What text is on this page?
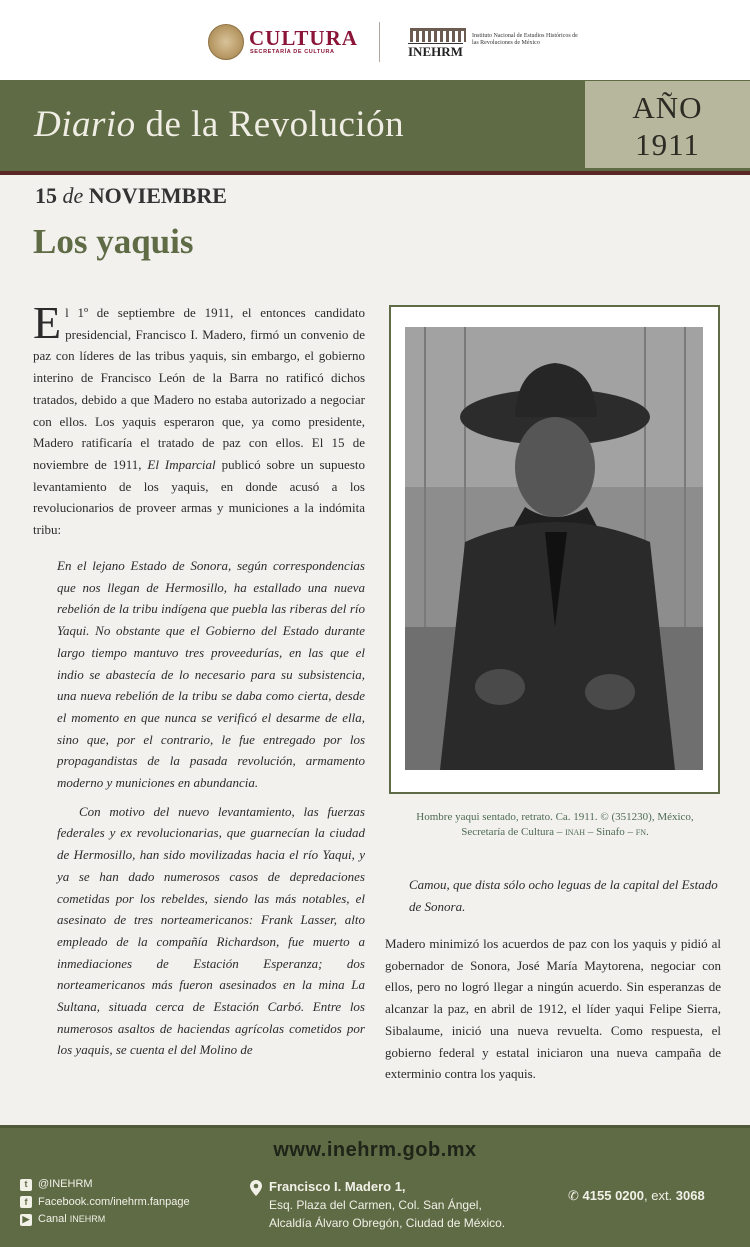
CULTURA
SECRETARÍA DE CULTURA	INEHRM
Instituto Nacional de Estudios Históricos de las Revoluciones de México
Diario de la Revolución	AÑO
1911
15 de NOVIEMBRE
Los yaquis
El 1º de septiembre de 1911, el entonces candidato presidencial, Francisco I. Madero, firmó un convenio de paz con líderes de las tribus yaquis, sin embargo, el gobierno interino de Francisco León de la Barra no ratificó dichos tratados, debido a que Madero no estaba autorizado a negociar con ellos. Los yaquis esperaron que, ya como presidente, Madero ratificaría el tratado de paz con ellos. El 15 de noviembre de 1911, El Imparcial publicó sobre un supuesto levantamiento de los yaquis, en donde acusó a los revolucionarios de proveer armas y municiones a la indómita tribu:

En el lejano Estado de Sonora, según correspondencias que nos llegan de Hermosillo, ha estallado una nueva rebelión de la tribu indígena que puebla las riberas del río Yaqui. No obstante que el Gobierno del Estado durante largo tiempo mantuvo tres proveedurías, en las que el indio se abastecía de lo necesario para su subsistencia, una nueva rebelión de la tribu se daba como cierta, desde el momento en que nunca se verificó el desarme de ella, sino que, por el contrario, le fue entregado por los propagandistas de la pasada revolución, armamento moderno y municiones en abundancia.

Con motivo del nuevo levantamiento, las fuerzas federales y ex revolucionarias, que guarnecían la ciudad de Hermosillo, han sido movilizadas hacia el río Yaqui, y ya se han dado numerosos casos de depredaciones cometidas por los rebeldes, siendo las más notables, el asesinato de tres norteamericanos: Frank Lasser, alto empleado de la compañía Richardson, fue muerto a inmediaciones de Estación Esperanza; dos norteamericanos más fueron asesinados en la mina La Sultana, situada cerca de Estación Carbó. Entre los numerosos asaltos de haciendas agrícolas cometidos por los yaquis, se cuenta el del Molino de

Hombre yaqui sentado, retrato. Ca. 1911. © (351230), México,
Secretaría de Cultura – inah – Sinafo – fn.
Camou, que dista sólo ocho leguas de la capital del Estado de Sonora.
Madero minimizó los acuerdos de paz con los yaquis y pidió al gobernador de Sonora, José María Maytorena, negociar con ellos, pero no logró llegar a ningún acuerdo. Sin esperanzas de alcanzar la paz, en abril de 1912, el líder yaqui Felipe Sierra, Sibalaume, inició una nueva revuelta. Como respuesta, el gobierno federal y estatal iniciaron una nueva campaña de exterminio contra los yaquis.
www.inehrm.gob.mx
t @INEHRM
f Facebook.com/inehrm.fanpage
▶ Canal INEHRM
Francisco I. Madero 1,
Esq. Plaza del Carmen, Col. San Ángel,
Alcaldía Álvaro Obregón, Ciudad de México.
✆ 4155 0200, ext. 3068
